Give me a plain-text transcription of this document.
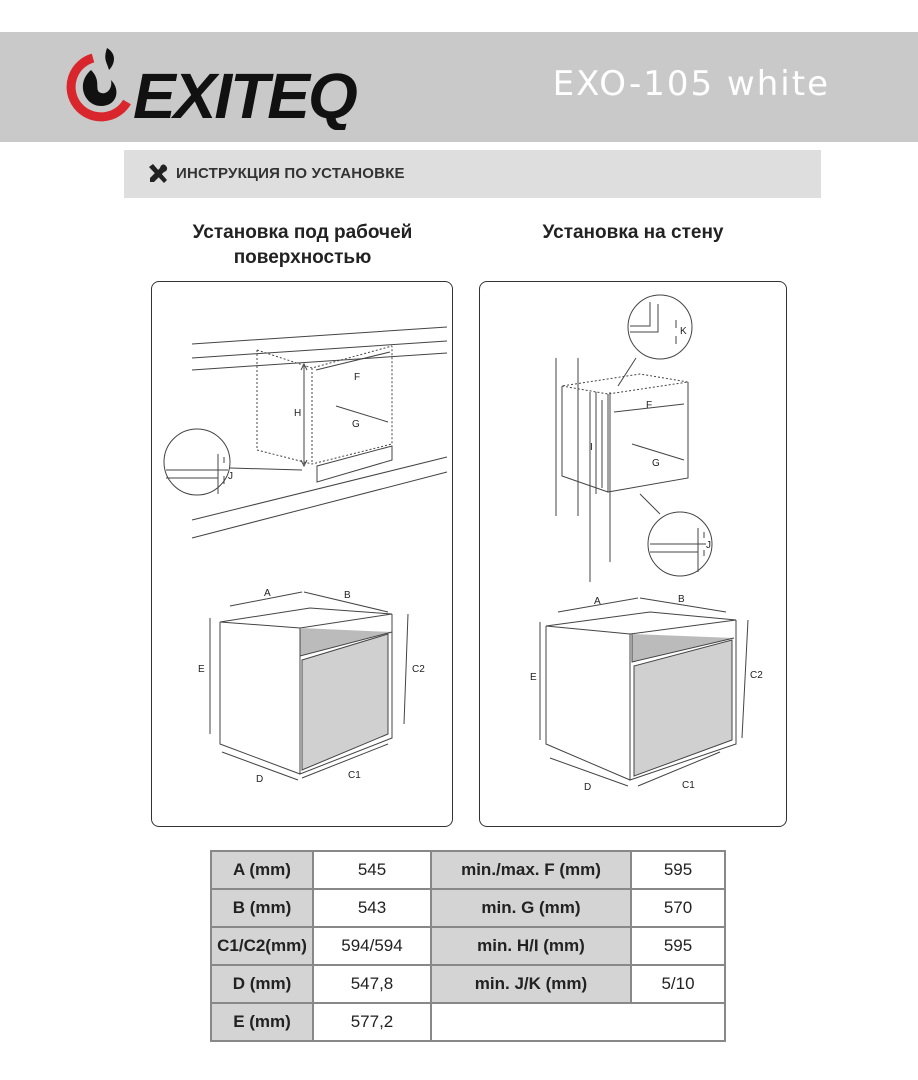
EXITEQ	EXO-105 white
ИНСТРУКЦИЯ ПО УСТАНОВКЕ
Установка под рабочей поверхностью
Установка на стену
H
F
G
J
A	B
E	C2
D	C1
I
F
G
K
J
A	B
E	C2
D	C1
A (mm)	545	min./max. F (mm)	595
B (mm)	543	min. G (mm)	570
C1/C2(mm)	594/594	min. H/I (mm)	595
D (mm)	547,8	min. J/K (mm)	5/10
E (mm)	577,2		
